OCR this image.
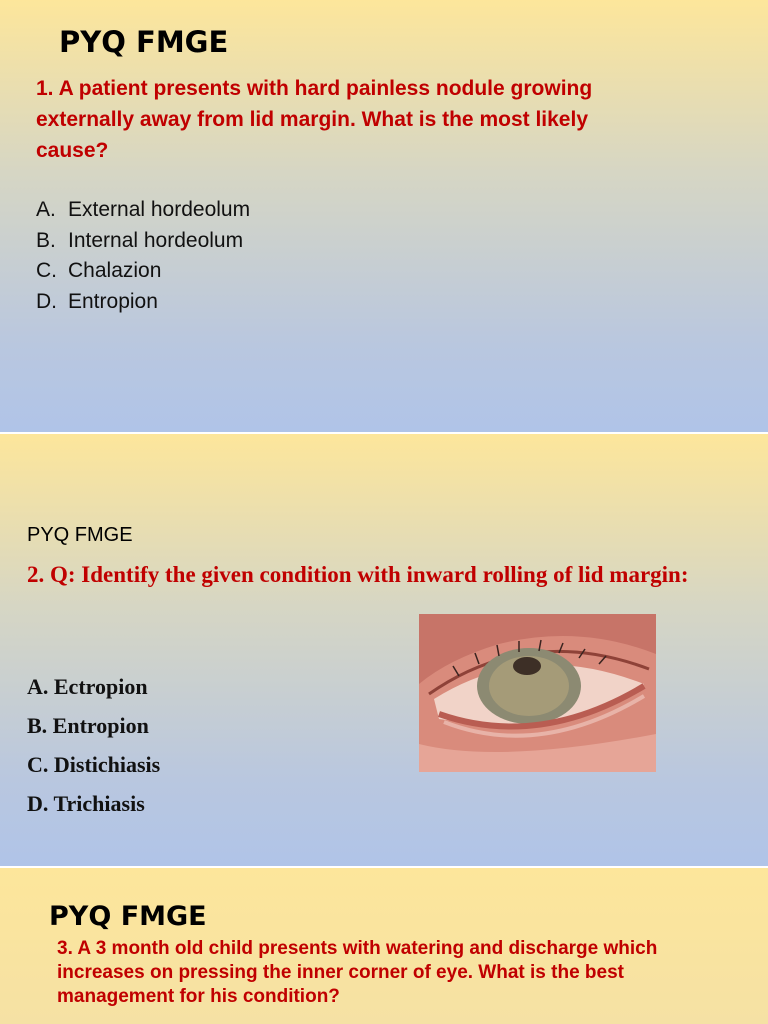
PYQ FMGE

1. A patient presents with hard painless nodule growing externally away from lid margin. What is the most likely cause?

A. External hordeolum
B. Internal hordeolum
C. Chalazion
D. Entropion
PYQ FMGE

2. Q: Identify the given condition with inward rolling of lid margin:

A. Ectropion
B. Entropion
C. Distichiasis
D. Trichiasis
PYQ FMGE

3. A 3 month old child presents with watering and discharge which increases on pressing the inner corner of eye. What is the best management for his condition?
